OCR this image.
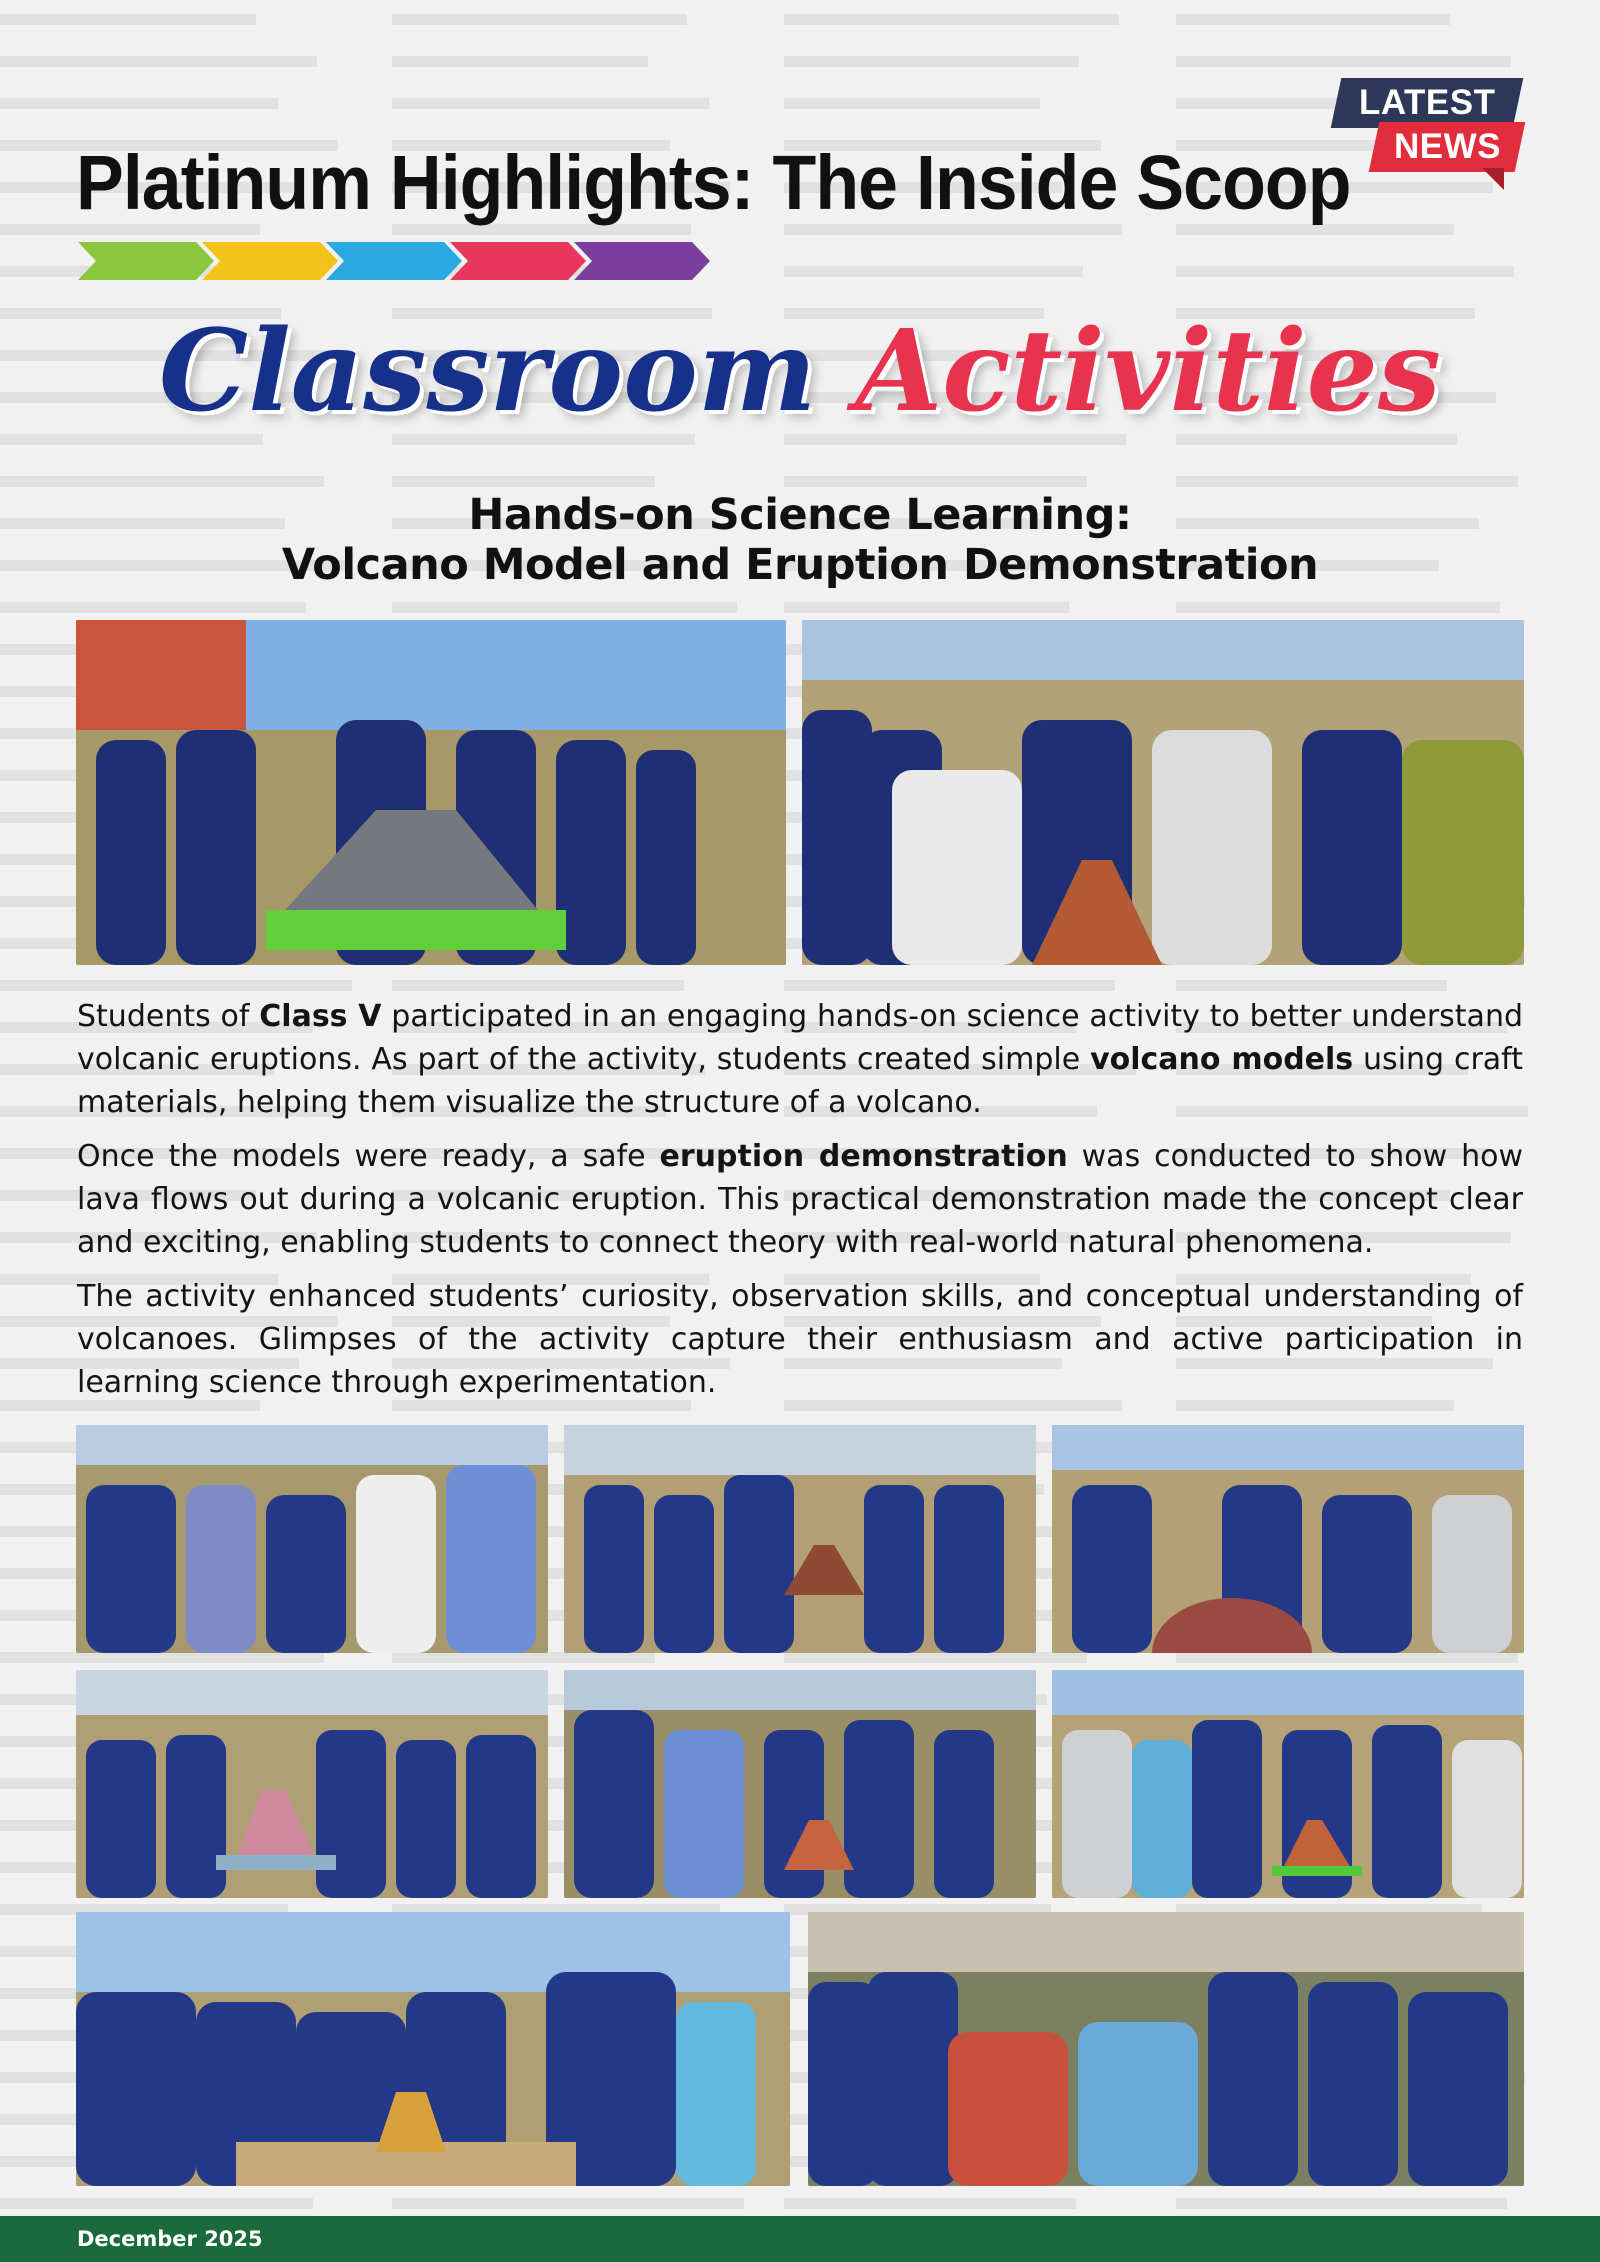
Platinum Highlights: The Inside Scoop
LATEST
NEWS
Classroom Activities
Hands-on Science Learning:
Volcano Model and Eruption Demonstration

Students of Class V participated in an engaging hands-on science activity to better understand volcanic eruptions. As part of the activity, students created simple volcano models using craft materials, helping them visualize the structure of a volcano.

Once the models were ready, a safe eruption demonstration was conducted to show how lava flows out during a volcanic eruption. This practical demonstration made the concept clear and exciting, enabling students to connect theory with real-world natural phenomena.

The activity enhanced students’ curiosity, observation skills, and conceptual understanding of volcanoes. Glimpses of the activity capture their enthusiasm and active participation in learning science through experimentation.

December 2025
